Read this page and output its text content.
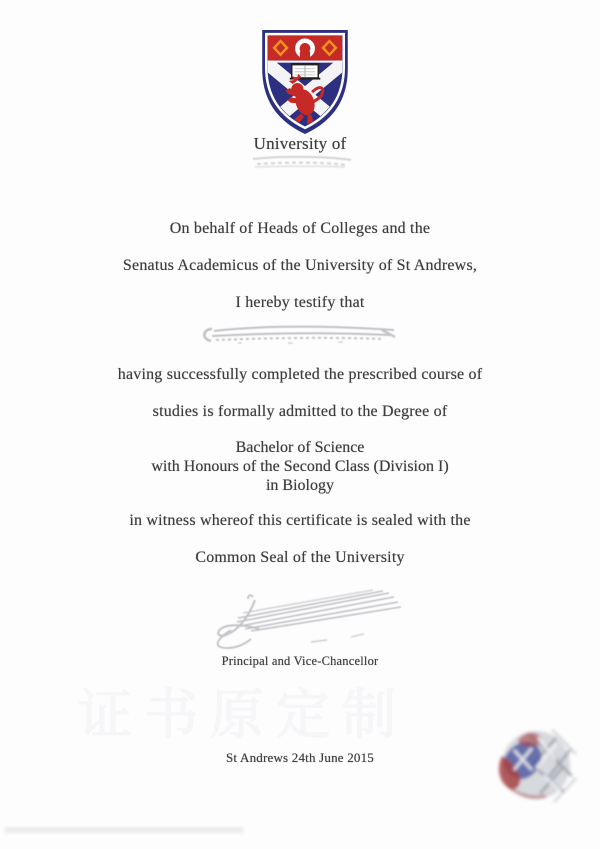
证书原定制
University of
On behalf of Heads of Colleges and the
Senatus Academicus of the University of St Andrews,
I hereby testify that
having successfully completed the prescribed course of
studies is formally admitted to the Degree of
Bachelor of Science
with Honours of the Second Class (Division I)
in Biology
in witness whereof this certificate is sealed with the
Common Seal of the University
Principal and Vice-Chancellor
St Andrews 24th June 2015
